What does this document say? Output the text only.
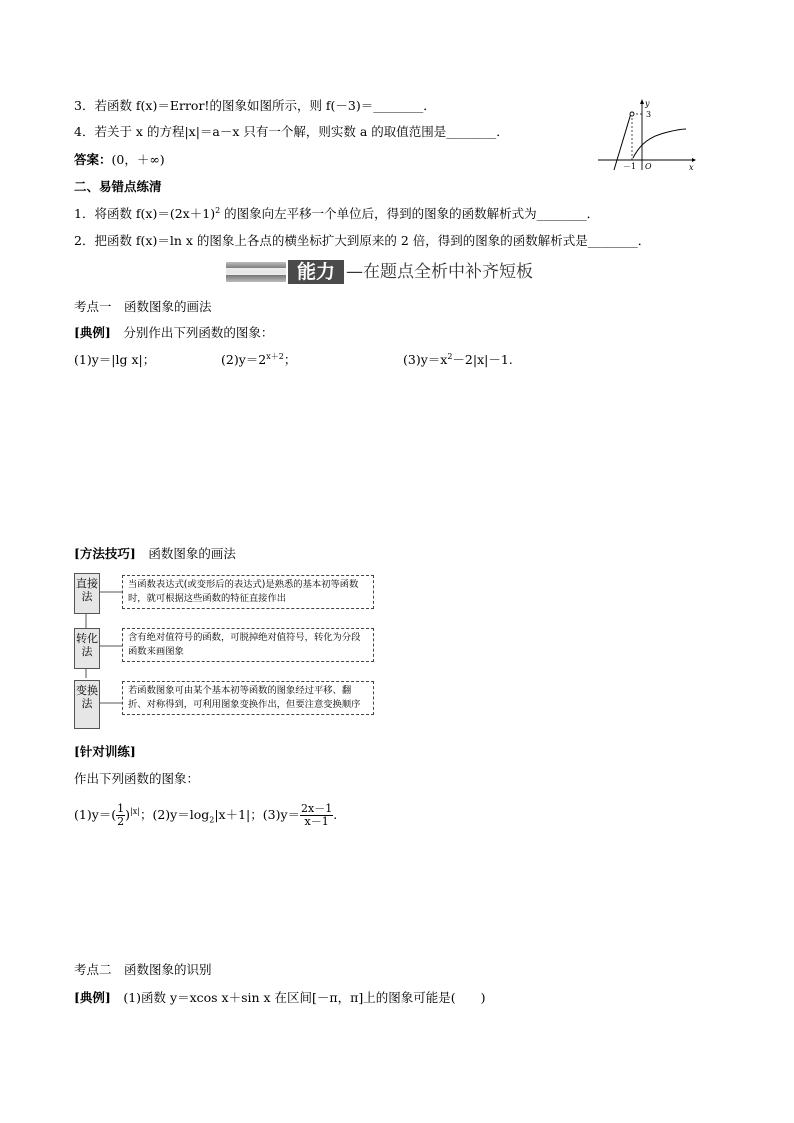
y
3
x
－1 O
3．若函数 f(x)＝Error!的图象如图所示，则 f(－3)＝________．
4．若关于 x 的方程|x|＝a－x 只有一个解，则实数 a 的取值范围是________．
答案：(0，＋∞)
二、易错点练清
1．将函数 $f(x)=(2x+1)^2$ 的图象向左平移一个单位后，得到的图象的函数解析式为________．
2．把函数 f(x)＝ln x 的图象上各点的横坐标扩大到原来的 2 倍，得到的图象的函数解析式是________．
能力 —在题点全析中补齐短板
考点一　函数图象的画法
[典例]　分别作出下列函数的图象：
(1)y＝|lg x|；	$(2)y=2^{x+2}$；	$(3)y=x^2-2|x|-1$.
[方法技巧]　函数图象的画法
直接法
当函数表达式(或变形后的表达式)是熟悉的基本初等函数时，就可根据这些函数的特征直接作出
转化法
含有绝对值符号的函数，可脱掉绝对值符号，转化为分段函数来画图象
变换法
若函数图象可由某个基本初等函数的图象经过平移、翻折、对称得到，可利用图象变换作出，但要注意变换顺序
[针对训练]
作出下列函数的图象：
$(1)y=( \frac{1}{2} )^{|x|}$；$(2)y=\log_2|x+1|$；$(3)y= \frac{2x-1}{x-1}$ .
考点二　函数图象的识别
[典例]　(1)函数 y＝xcos x＋sin x 在区间[－π，π]上的图象可能是(　　)
